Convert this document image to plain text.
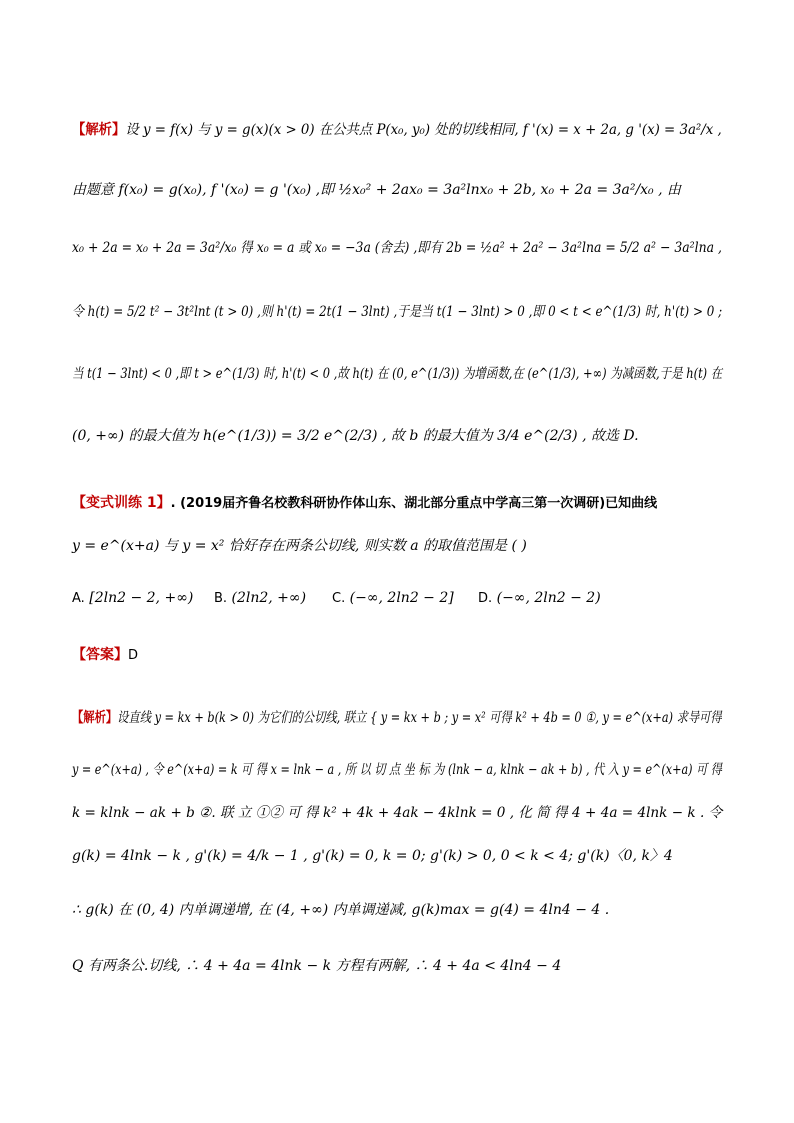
【解析】设 y = f(x) 与 y = g(x)(x > 0) 在公共点 P(x₀, y₀) 处的切线相同, f '(x) = x + 2a, g '(x) = 3a²/x ,
由题意 f(x₀) = g(x₀), f '(x₀) = g '(x₀) ,即 ½x₀² + 2ax₀ = 3a²lnx₀ + 2b, x₀ + 2a = 3a²/x₀ , 由
x₀ + 2a = x₀ + 2a = 3a²/x₀ 得 x₀ = a 或 x₀ = −3a (舍去) ,即有 2b = ½a² + 2a² − 3a²lna = 5/2 a² − 3a²lna ,
令 h(t) = 5/2 t² − 3t²lnt (t > 0) ,则 h'(t) = 2t(1 − 3lnt) ,于是当 t(1 − 3lnt) > 0 ,即 0 < t < e^(1/3) 时, h'(t) > 0 ;
当 t(1 − 3lnt) < 0 ,即 t > e^(1/3) 时, h'(t) < 0 ,故 h(t) 在 (0, e^(1/3)) 为增函数,在 (e^(1/3), +∞) 为减函数,于是 h(t) 在
(0, +∞) 的最大值为 h(e^(1/3)) = 3/2 e^(2/3) , 故 b 的最大值为 3/4 e^(2/3) , 故选 D.
【变式训练 1】. (2019届齐鲁名校教科研协作体山东、湖北部分重点中学高三第一次调研)已知曲线
y = e^(x+a) 与 y = x² 恰好存在两条公切线, 则实数 a 的取值范围是 ( )
A. [2ln2 − 2, +∞) B. (2ln2, +∞) C. (−∞, 2ln2 − 2] D. (−∞, 2ln2 − 2)
【答案】D
【解析】设直线 y = kx + b(k > 0) 为它们的公切线, 联立 { y = kx + b ; y = x² 可得 k² + 4b = 0 ①, y = e^(x+a) 求导可得
y = e^(x+a) , 令 e^(x+a) = k 可 得 x = lnk − a , 所 以 切 点 坐 标 为 (lnk − a, klnk − ak + b) , 代 入 y = e^(x+a) 可 得
k = klnk − ak + b ②. 联 立 ①② 可 得 k² + 4k + 4ak − 4klnk = 0 , 化 简 得 4 + 4a = 4lnk − k . 令
g(k) = 4lnk − k , g'(k) = 4/k − 1 , g'(k) = 0, k = 0; g'(k) > 0, 0 < k < 4; g'(k)〈0, k〉4
∴ g(k) 在 (0, 4) 内单调递增, 在 (4, +∞) 内单调递减, g(k)max = g(4) = 4ln4 − 4 .
Q 有两条公.切线, ∴ 4 + 4a = 4lnk − k 方程有两解, ∴ 4 + 4a < 4ln4 − 4
